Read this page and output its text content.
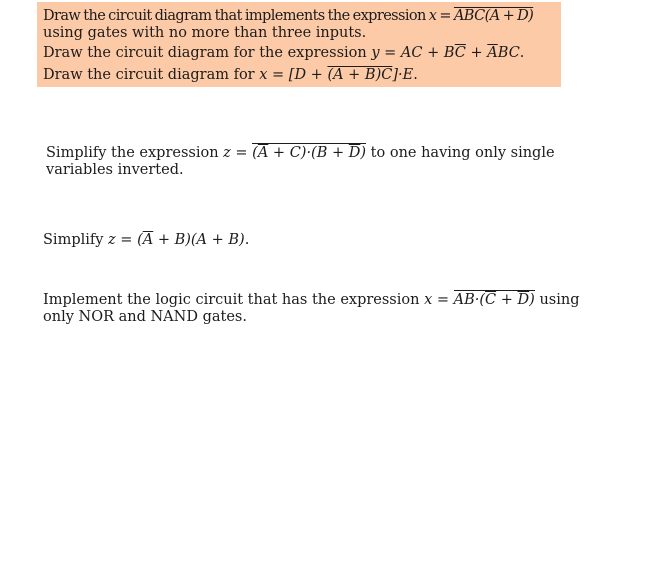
Draw the circuit diagram that implements the expression $x = \overline{ABC}(A + D)$
using gates with no more than three inputs.
Draw the circuit diagram for the expression y = AC + $B\overline{C} + \overline{A}BC$.
Draw the circuit diagram for x = [D + (A + B)C]·E.
Simplify the expression $z = (\overline{A} + C)\cdot(B + \overline{D})$ to one having only single
variables inverted.
Simplify $z = (\overline{A} + B)(A + B)$.
Implement the logic circuit that has the expression $x = AB\cdot(\overline{C} + \overline{D})$ using
only NOR and NAND gates.
